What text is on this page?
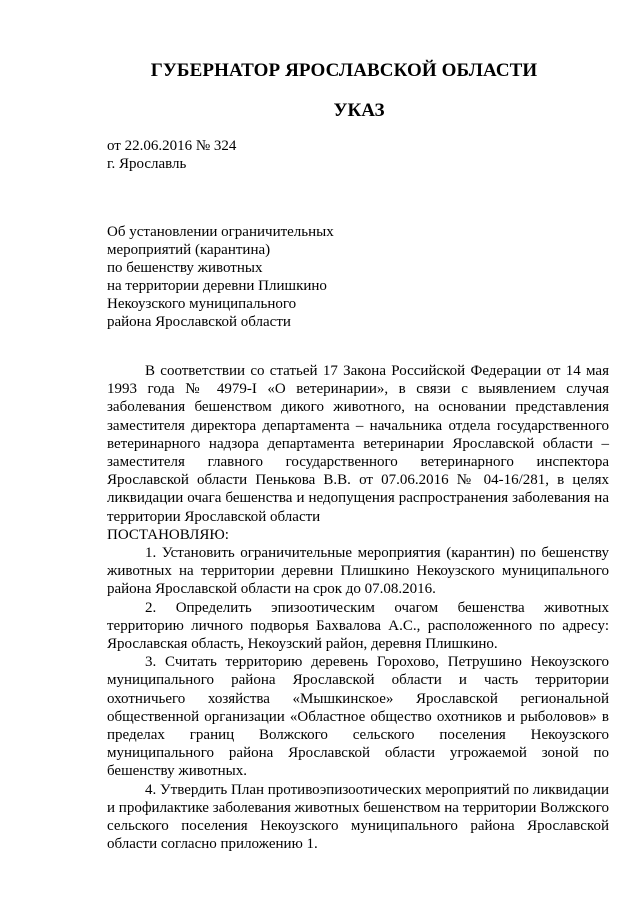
ГУБЕРНАТОР ЯРОСЛАВСКОЙ ОБЛАСТИ
УКАЗ
от 22.06.2016 № 324
г. Ярославль
Об установлении ограничительных
мероприятий (карантина)
по бешенству животных
на территории деревни Плишкино
Некоузского муниципального
района Ярославской области

В соответствии со статьей 17 Закона Российской Федерации от 14 мая 1993 года № 4979-I «О ветеринарии», в связи с выявлением случая заболевания бешенством дикого животного, на основании представления заместителя директора департамента – начальника отдела государственного ветеринарного надзора департамента ветеринарии Ярославской области – заместителя главного государственного ветеринарного инспектора Ярославской области Пенькова В.В. от 07.06.2016 № 04-16/281, в целях ликвидации очага бешенства и недопущения распространения заболевания на территории Ярославской области

ПОСТАНОВЛЯЮ:

1. Установить ограничительные мероприятия (карантин) по бешенству животных на территории деревни Плишкино Некоузского муниципального района Ярославской области на срок до 07.08.2016.

2. Определить эпизоотическим очагом бешенства животных территорию личного подворья Бахвалова А.С., расположенного по адресу: Ярославская область, Некоузский район, деревня Плишкино.

3. Считать территорию деревень Горохово, Петрушино Некоузского муниципального района Ярославской области и часть территории охотничьего хозяйства «Мышкинское» Ярославской региональной общественной организации «Областное общество охотников и рыболовов» в пределах границ Волжского сельского поселения Некоузского муниципального района Ярославской области угрожаемой зоной по бешенству животных.

4. Утвердить План противоэпизоотических мероприятий по ликвидации и профилактике заболевания животных бешенством на территории Волжского сельского поселения Некоузского муниципального района Ярославской области согласно приложению 1.
